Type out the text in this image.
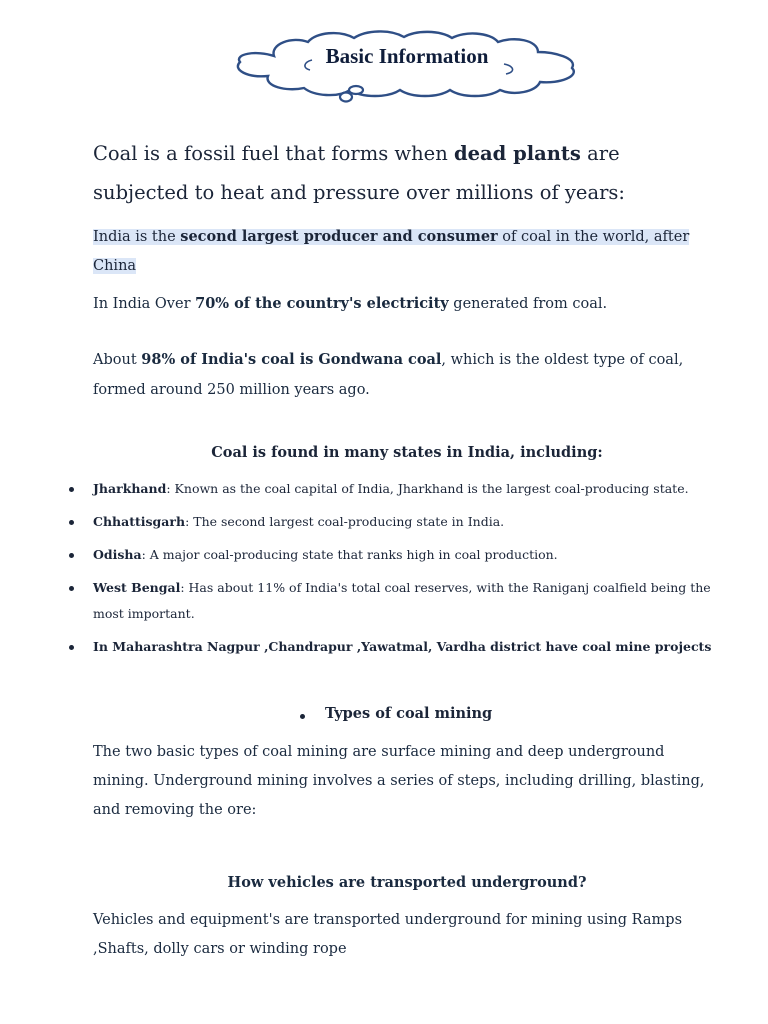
Basic Information
Coal is a fossil fuel that forms when dead plants are subjected to heat and pressure over millions of years:
India is the second largest producer and consumer of coal in the world, after China
In India Over 70% of the country's electricity generated from coal.
About 98% of India's coal is Gondwana coal, which is the oldest type of coal, formed around 250 million years ago.
Coal is found in many states in India, including:
Jharkhand: Known as the coal capital of India, Jharkhand is the largest coal-producing state.
Chhattisgarh: The second largest coal-producing state in India.
Odisha: A major coal-producing state that ranks high in coal production.
West Bengal: Has about 11% of India's total coal reserves, with the Raniganj coalfield being the most important.
In Maharashtra Nagpur ,Chandrapur ,Yawatmal, Vardha district have coal mine projects
Types of coal mining
The two basic types of coal mining are surface mining and deep underground mining. Underground mining involves a series of steps, including drilling, blasting, and removing the ore:
How vehicles are transported underground?
Vehicles and equipment's are transported underground for mining using Ramps ,Shafts, dolly cars or winding rope
